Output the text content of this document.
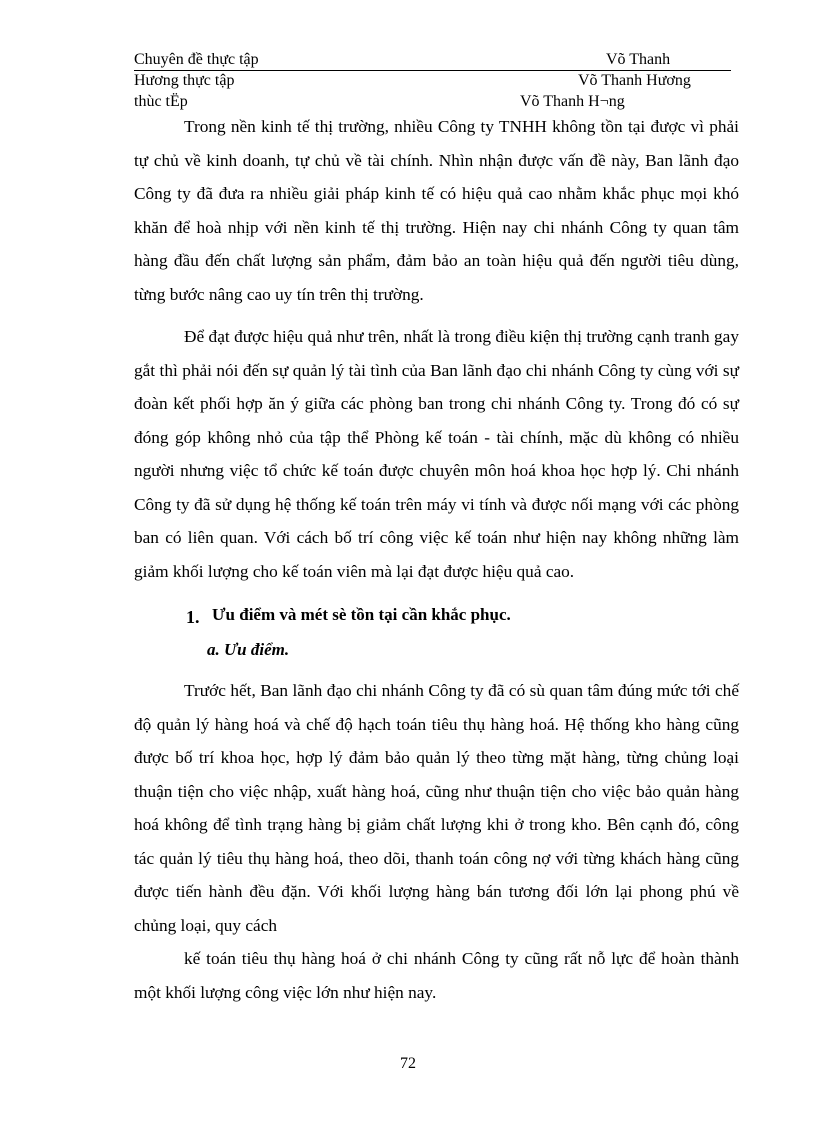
Chuyên đề thực tập	Võ Thanh
Hương thực tập	Võ Thanh Hương
thùc tËp	Võ Thanh H¬ng

Trong nền kinh tế thị trường, nhiều Công ty TNHH không tồn tại được vì phải tự chủ về kinh doanh, tự chủ về tài chính. Nhìn nhận được vấn đề này, Ban lãnh đạo Công ty đã đưa ra nhiều giải pháp kinh tế có hiệu quả cao nhằm khắc phục mọi khó khăn để hoà nhịp với nền kinh tế thị trường. Hiện nay chi nhánh Công ty quan tâm hàng đầu đến chất lượng sản phẩm, đảm bảo an toàn hiệu quả đến người tiêu dùng, từng bước nâng cao uy tín trên thị trường.

Để đạt được hiệu quả như trên, nhất là trong điều kiện thị trường cạnh tranh gay gắt thì phải nói đến sự quản lý tài tình của Ban lãnh đạo chi nhánh Công ty cùng với sự đoàn kết phối hợp ăn ý giữa các phòng ban trong chi nhánh Công ty. Trong đó có sự đóng góp không nhỏ của tập thể Phòng kế toán - tài chính, mặc dù không có nhiều người nhưng việc tổ chức kế toán được chuyên môn hoá khoa học hợp lý. Chi nhánh Công ty đã sử dụng hệ thống kế toán trên máy vi tính và được nối mạng với các phòng ban có liên quan. Với cách bố trí công việc kế toán như hiện nay không những làm giảm khối lượng cho kế toán viên mà lại đạt được hiệu quả cao.

1. Ưu điểm và mét sè tồn tại cần khắc phục.

a. Ưu điểm.

Trước hết, Ban lãnh đạo chi nhánh Công ty đã có sù quan tâm đúng mức tới chế độ quản lý hàng hoá và chế độ hạch toán tiêu thụ hàng hoá. Hệ thống kho hàng cũng được bố trí khoa học, hợp lý đảm bảo quản lý theo từng mặt hàng, từng chủng loại thuận tiện cho việc nhập, xuất hàng hoá, cũng như thuận tiện cho việc bảo quản hàng hoá không để tình trạng hàng bị giảm chất lượng khi ở trong kho. Bên cạnh đó, công tác quản lý tiêu thụ hàng hoá, theo dõi, thanh toán công nợ với từng khách hàng cũng được tiến hành đều đặn. Với khối lượng hàng bán tương đối lớn lại phong phú về chủng loại, quy cách

kế toán tiêu thụ hàng hoá ở chi nhánh Công ty cũng rất nỗ lực để hoàn thành một khối lượng công việc lớn như hiện nay.

72
